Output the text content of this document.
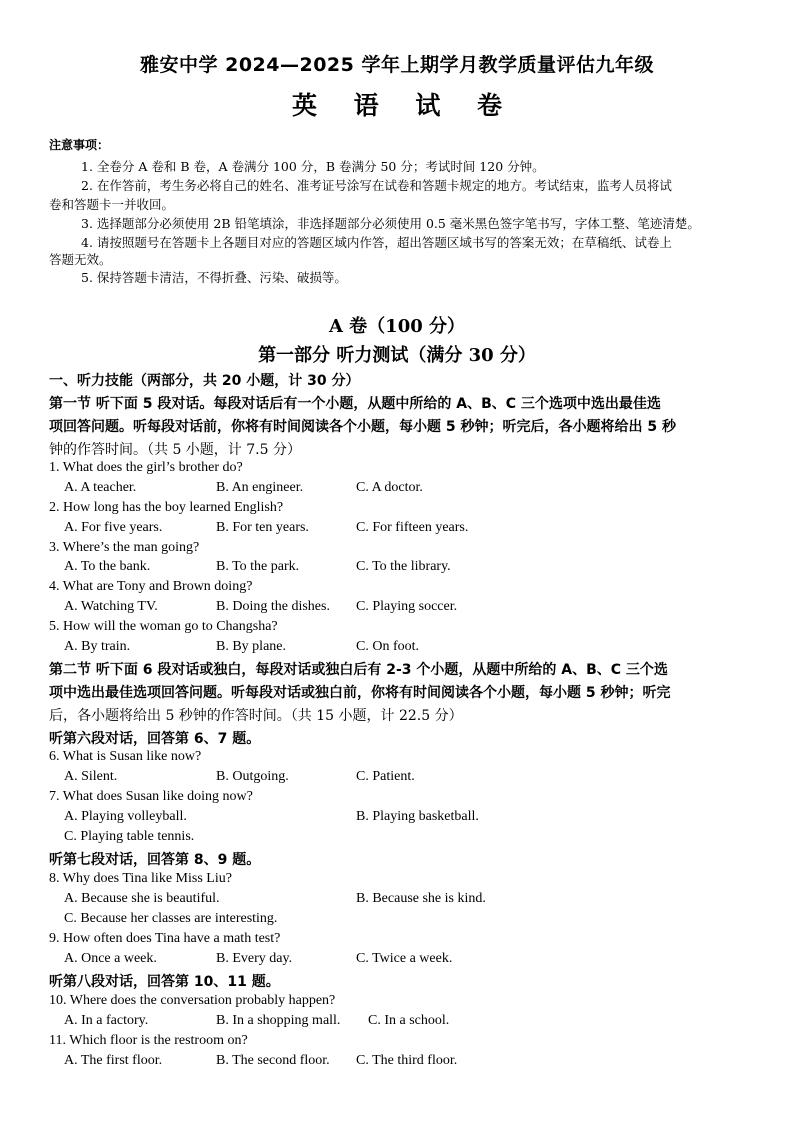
雅安中学 2024—2025 学年上期学月教学质量评估九年级
英 语 试 卷
注意事项：
1. 全卷分 A 卷和 B 卷，A 卷满分 100 分，B 卷满分 50 分；考试时间 120 分钟。
2. 在作答前，考生务必将自己的姓名、准考证号涂写在试卷和答题卡规定的地方。考试结束，监考人员将试
卷和答题卡一并收回。
3. 选择题部分必须使用 2B 铅笔填涂，非选择题部分必须使用 0.5 毫米黑色签字笔书写，字体工整、笔迹清楚。
4. 请按照题号在答题卡上各题目对应的答题区域内作答，超出答题区域书写的答案无效；在草稿纸、试卷上
答题无效。
5. 保持答题卡清洁，不得折叠、污染、破损等。
A 卷（100 分）
第一部分 听力测试（满分 30 分）
一、听力技能（两部分，共 20 小题，计 30 分）
第一节 听下面 5 段对话。每段对话后有一个小题，从题中所给的 A、B、C 三个选项中选出最佳选
项回答问题。听每段对话前，你将有时间阅读各个小题，每小题 5 秒钟；听完后，各小题将给出 5 秒
钟的作答时间。（共 5 小题，计 7.5 分）
1. What does the girl’s brother do?
A. A teacher.	B. An engineer.	C. A doctor.
2. How long has the boy learned English?
A. For five years.	B. For ten years.	C. For fifteen years.
3. Where’s the man going?
A. To the bank.	B. To the park.	C. To the library.
4. What are Tony and Brown doing?
A. Watching TV.	B. Doing the dishes. C. Playing soccer.
5. How will the woman go to Changsha?
A. By train.	B. By plane.	C. On foot.
第二节 听下面 6 段对话或独白，每段对话或独白后有 2-3 个小题，从题中所给的 A、B、C 三个选
项中选出最佳选项回答问题。听每段对话或独白前，你将有时间阅读各个小题，每小题 5 秒钟；听完
后，各小题将给出 5 秒钟的作答时间。（共 15 小题，计 22.5 分）
听第六段对话，回答第 6、7 题。
6. What is Susan like now?
A. Silent.	B. Outgoing.	C. Patient.
7. What does Susan like doing now?
A. Playing volleyball.	B. Playing basketball.
C. Playing table tennis.
听第七段对话，回答第 8、9 题。
8. Why does Tina like Miss Liu?
A. Because she is beautiful.	B. Because she is kind.
C. Because her classes are interesting.
9. How often does Tina have a math test?
A. Once a week.	B. Every day.	C. Twice a week.
听第八段对话，回答第 10、11 题。
10. Where does the conversation probably happen?
A. In a factory.	B. In a shopping mall. C. In a school.
11. Which floor is the restroom on?
A. The first floor.	B. The second floor. C. The third floor.
